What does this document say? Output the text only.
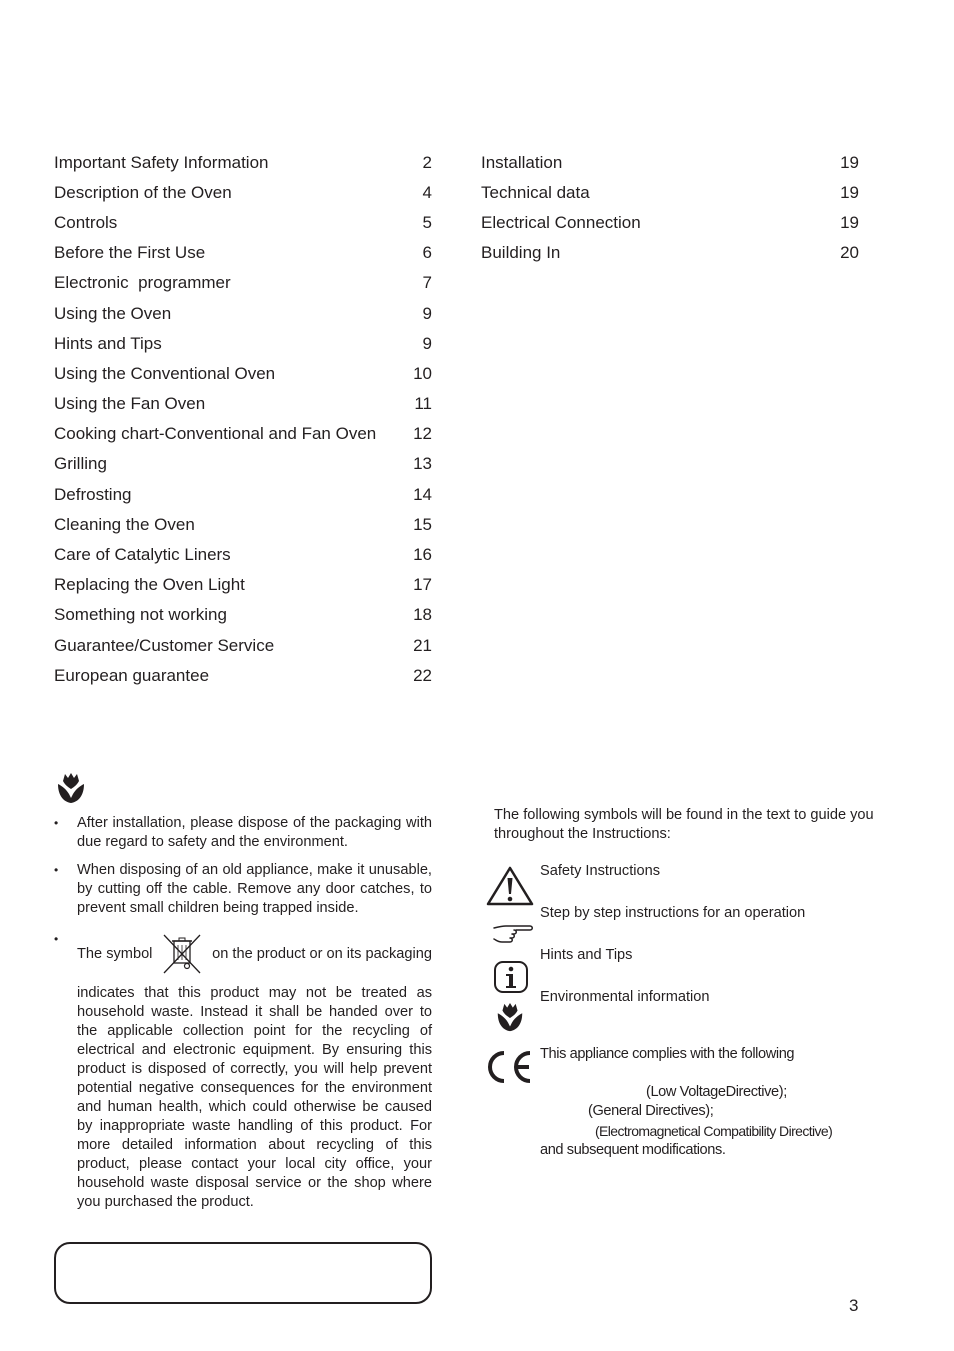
Important Safety Information	2
Description of the Oven	4
Controls	5
Before the First Use	6
Electronic  programmer	7
Using the Oven	9
Hints and Tips	9
Using the Conventional Oven	10
Using the Fan Oven	11
Cooking chart-Conventional and Fan Oven 12
Grilling	13
Defrosting	14
Cleaning the Oven	15
Care of Catalytic Liners	16
Replacing the Oven Light	17
Something not working	18
Guarantee/Customer Service	21
European guarantee	22
Installation	19
Technical data	19
Electrical Connection	19
Building In	20
• After installation, please dispose of the packaging with due regard to safety and the environment.
• When disposing of an old appliance, make it unusable, by cutting off the cable. Remove any door catches, to prevent small children being trapped inside.
• The symbol	on the product or on its packaging
indicates that this product may not be treated as household waste. Instead it shall be handed over to the applicable collection point for the recycling of electrical and electronic equipment. By ensuring this product is disposed of correctly, you will help prevent potential negative consequences for the environment and human health, which could otherwise be caused by inappropriate waste handling of this product. For more detailed information about recycling of this product, please contact your local city office, your household waste disposal service or the shop where you purchased the product.
The following symbols will be found in the text to guide you throughout the Instructions:
Safety Instructions
Step by step instructions for an operation
Hints and Tips
Environmental information
This appliance complies with the following
(Low VoltageDirective);
(General Directives);
(Electromagnetical Compatibility Directive)
and subsequent modifications.
3
